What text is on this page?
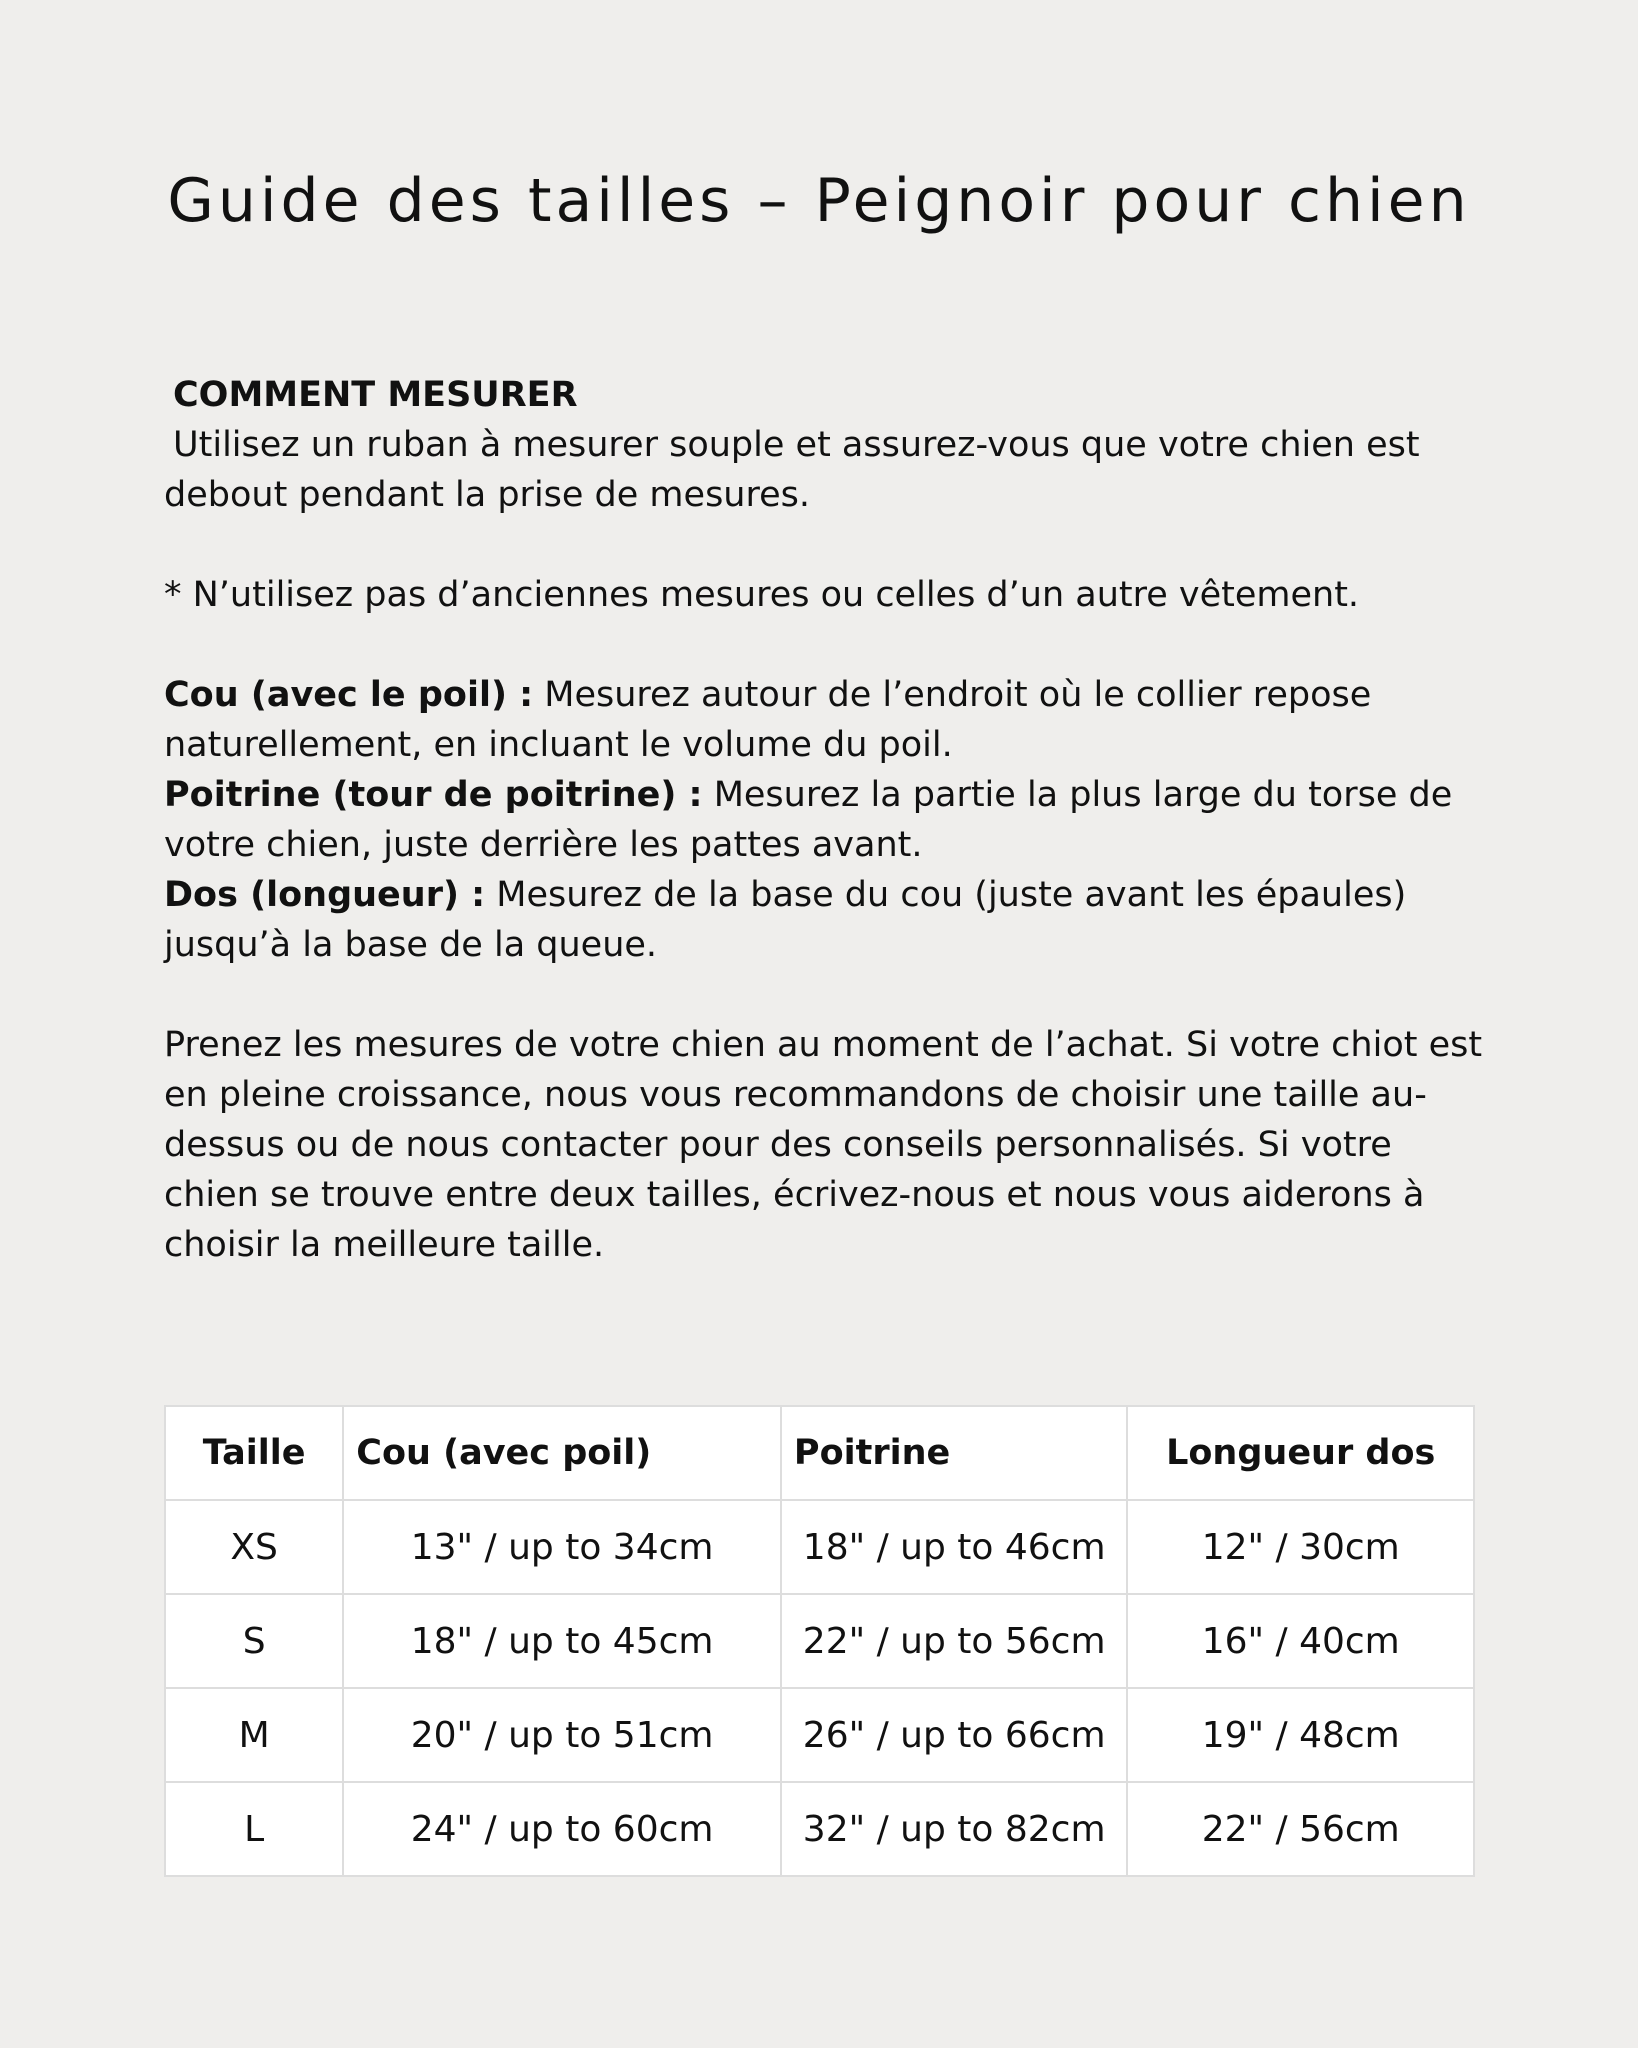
Guide des tailles – Peignoir pour chien

COMMENT MESURER

Utilisez un ruban à mesurer souple et assurez-vous que votre chien est

debout pendant la prise de mesures.

* N’utilisez pas d’anciennes mesures ou celles d’un autre vêtement.

Cou (avec le poil) : Mesurez autour de l’endroit où le collier repose naturellement, en incluant le volume du poil.

Poitrine (tour de poitrine) : Mesurez la partie la plus large du torse de votre chien, juste derrière les pattes avant.

Dos (longueur) : Mesurez de la base du cou (juste avant les épaules) jusqu’à la base de la queue.

Prenez les mesures de votre chien au moment de l’achat. Si votre chiot est en pleine croissance, nous vous recommandons de choisir une taille au-dessus ou de nous contacter pour des conseils personnalisés. Si votre chien se trouve entre deux tailles, écrivez-nous et nous vous aiderons à choisir la meilleure taille.

Taille	Cou (avec poil)	Poitrine	Longueur dos
XS	13" / up to 34cm	18" / up to 46cm	12" / 30cm
S	18" / up to 45cm	22" / up to 56cm	16" / 40cm
M	20" / up to 51cm	26" / up to 66cm	19" / 48cm
L	24" / up to 60cm	32" / up to 82cm	22" / 56cm
